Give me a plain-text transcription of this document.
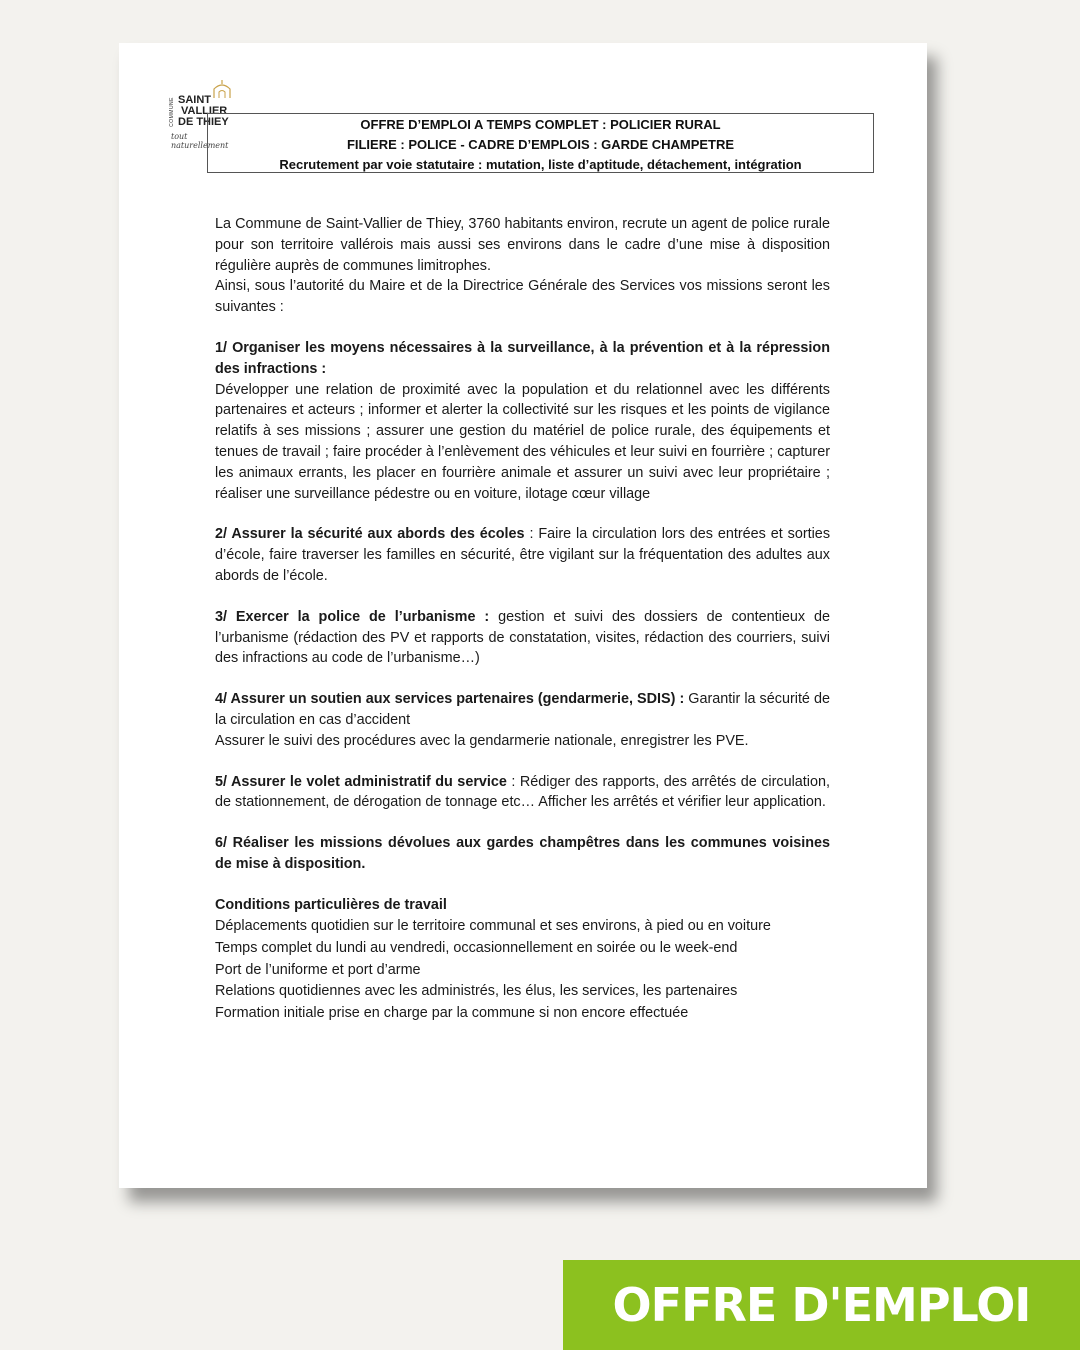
COMMUNE SAINT
VALLIER
DE THIEY
tout naturellement
OFFRE D’EMPLOI A TEMPS COMPLET : POLICIER RURAL
FILIERE : POLICE - CADRE D’EMPLOIS : GARDE CHAMPETRE
Recrutement par voie statutaire : mutation, liste d’aptitude, détachement, intégration

La Commune de Saint-Vallier de Thiey, 3760 habitants environ, recrute un agent de police rurale pour son territoire vallérois mais aussi ses environs dans le cadre d’une mise à disposition régulière auprès de communes limitrophes.

Ainsi, sous l’autorité du Maire et de la Directrice Générale des Services vos missions seront les suivantes :

1/ Organiser les moyens nécessaires à la surveillance, à la prévention et à la répression des infractions :
Développer une relation de proximité avec la population et du relationnel avec les différents partenaires et acteurs ; informer et alerter la collectivité sur les risques et les points de vigilance relatifs à ses missions ; assurer une gestion du matériel de police rurale, des équipements et tenues de travail ; faire procéder à l’enlèvement des véhicules et leur suivi en fourrière ; capturer les animaux errants, les placer en fourrière animale et assurer un suivi avec leur propriétaire ; réaliser une surveillance pédestre ou en voiture, ilotage cœur village

2/ Assurer la sécurité aux abords des écoles : Faire la circulation lors des entrées et sorties d’école, faire traverser les familles en sécurité, être vigilant sur la fréquentation des adultes aux abords de l’école.

3/ Exercer la police de l’urbanisme : gestion et suivi des dossiers de contentieux de l’urbanisme (rédaction des PV et rapports de constatation, visites, rédaction des courriers, suivi des infractions au code de l’urbanisme…)

4/ Assurer un soutien aux services partenaires (gendarmerie, SDIS) : Garantir la sécurité de la circulation en cas d’accident

Assurer le suivi des procédures avec la gendarmerie nationale, enregistrer les PVE.

5/ Assurer le volet administratif du service : Rédiger des rapports, des arrêtés de circulation, de stationnement, de dérogation de tonnage etc… Afficher les arrêtés et vérifier leur application.

6/ Réaliser les missions dévolues aux gardes champêtres dans les communes voisines de mise à disposition.

Conditions particulières de travail

Déplacements quotidien sur le territoire communal et ses environs, à pied ou en voiture

Temps complet du lundi au vendredi, occasionnellement en soirée ou le week-end

Port de l’uniforme et port d’arme

Relations quotidiennes avec les administrés, les élus, les services, les partenaires

Formation initiale prise en charge par la commune si non encore effectuée

OFFRE D'EMPLOI
